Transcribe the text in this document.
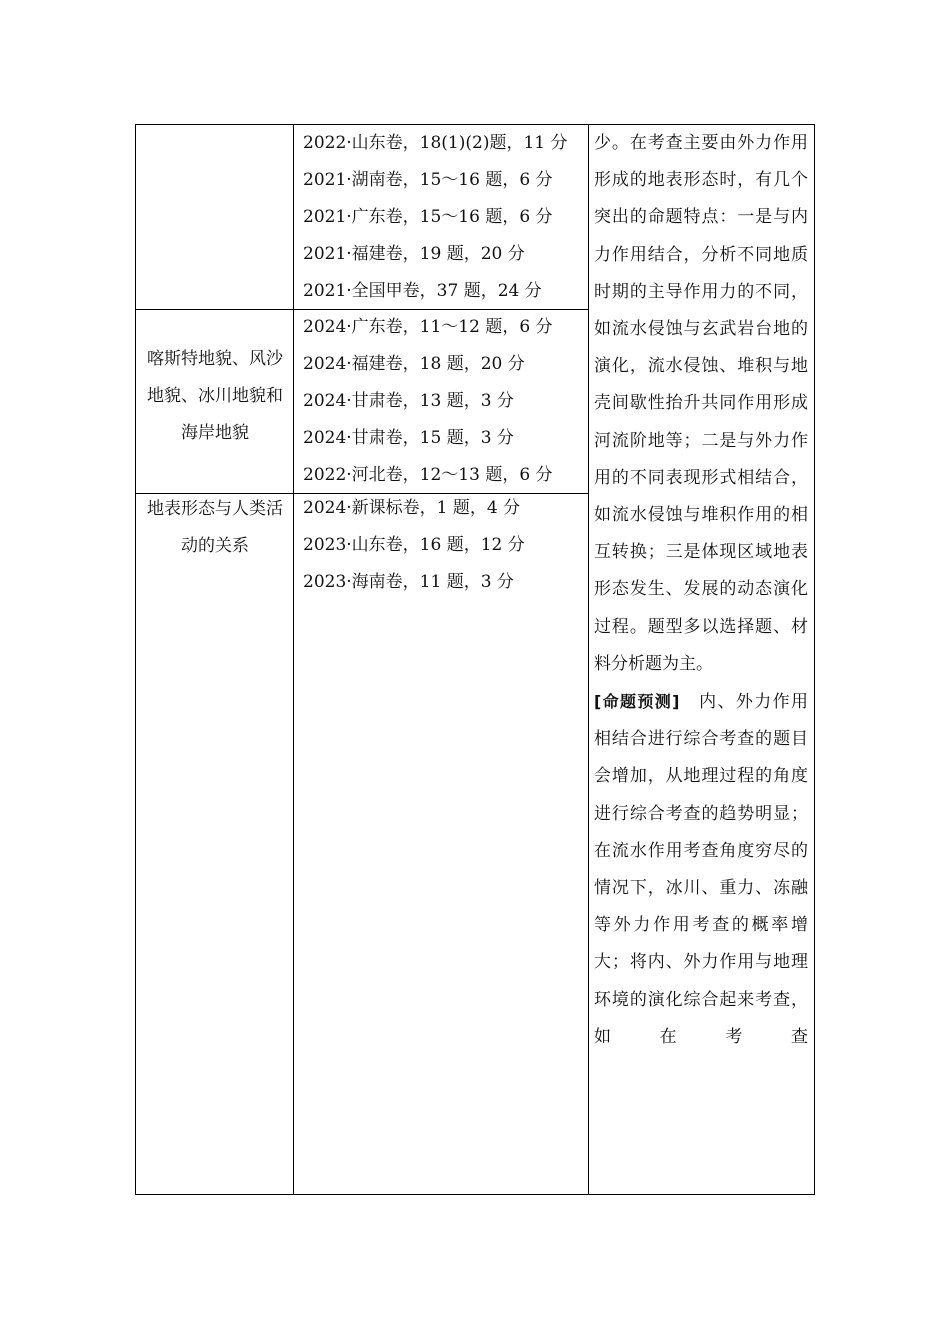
2022·山东卷，18(1)(2)题，11 分
2021·湖南卷，15～16 题，6 分
2021·广东卷，15～16 题，6 分
2021·福建卷，19 题，20 分
2021·全国甲卷，37 题，24 分
喀斯特地貌、风沙地貌、冰川地貌和海岸地貌
2024·广东卷，11～12 题，6 分
2024·福建卷，18 题，20 分
2024·甘肃卷，13 题，3 分
2024·甘肃卷，15 题，3 分
2022·河北卷，12～13 题，6 分
地表形态与人类活动的关系
2024·新课标卷，1 题，4 分
2023·山东卷，16 题，12 分
2023·海南卷，11 题，3 分

少。在考查主要由外力作用形成的地表形态时，有几个突出的命题特点：一是与内力作用结合，分析不同地质时期的主导作用力的不同，如流水侵蚀与玄武岩台地的演化，流水侵蚀、堆积与地壳间歇性抬升共同作用形成河流阶地等；二是与外力作用的不同表现形式相结合，如流水侵蚀与堆积作用的相互转换；三是体现区域地表形态发生、发展的动态演化过程。题型多以选择题、材料分析题为主。

[命题预测]　内、外力作用相结合进行综合考查的题目会增加，从地理过程的角度进行综合考查的趋势明显；在流水作用考查角度穷尽的情况下，冰川、重力、冻融等外力作用考查的概率增大；将内、外力作用与地理环境的演化综合起来考查，如在考查
